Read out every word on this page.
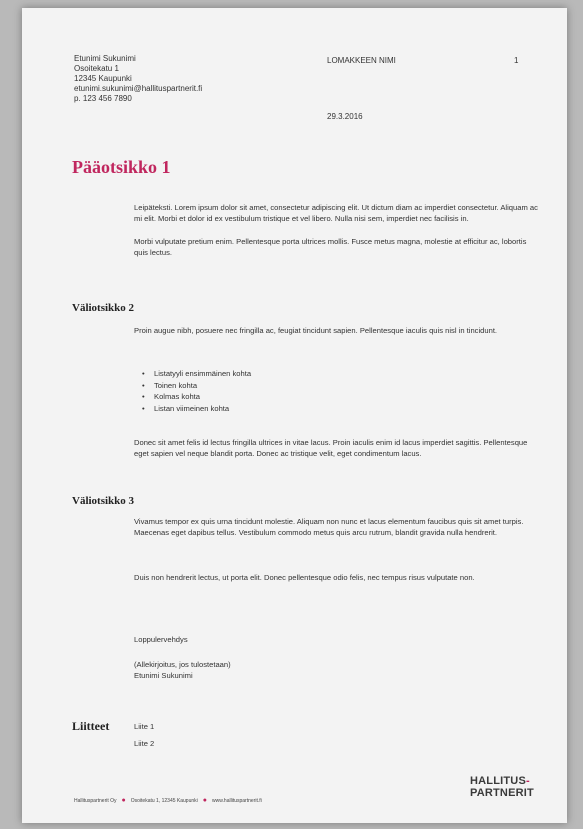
Etunimi Sukunimi
Osoitekatu 1
12345 Kaupunki
etunimi.sukunimi@hallituspartnerit.fi
p. 123 456 7890
LOMAKKEEN NIMI	1
29.3.2016
Pääotsikko 1

Leipäteksti. Lorem ipsum dolor sit amet, consectetur adipiscing elit. Ut dictum diam ac imperdiet consectetur. Aliquam ac mi elit. Morbi et dolor id ex vestibulum tristique et vel libero. Nulla nisi sem, imperdiet nec facilisis in.

Morbi vulputate pretium enim. Pellentesque porta ultrices mollis. Fusce metus magna, molestie at efficitur ac, lobortis quis lectus.

Väliotsikko 2

Proin augue nibh, posuere nec fringilla ac, feugiat tincidunt sapien. Pellentesque iaculis quis nisl in tincidunt.

• Listatyyli ensimmäinen kohta
• Toinen kohta
• Kolmas kohta
• Listan viimeinen kohta

Donec sit amet felis id lectus fringilla ultrices in vitae lacus. Proin iaculis enim id lacus imperdiet sagittis. Pellentesque eget sapien vel neque blandit porta. Donec ac tristique velit, eget condimentum lacus.

Väliotsikko 3

Vivamus tempor ex quis urna tincidunt molestie. Aliquam non nunc et lacus elementum faucibus quis sit amet turpis. Maecenas eget dapibus tellus. Vestibulum commodo metus quis arcu rutrum, blandit gravida nulla hendrerit.

Duis non hendrerit lectus, ut porta elit. Donec pellentesque odio felis, nec tempus risus vulputate non.

Loppulervehdys
(Allekirjoitus, jos tulostetaan)
Etunimi Sukunimi
Liitteet	Liite 1
Liite 2
Hallituspartnerit Oy ● Osoitekatu 1, 12345 Kaupunki ● www.hallituspartnerit.fi
HALLITUS-
PARTNERIT
